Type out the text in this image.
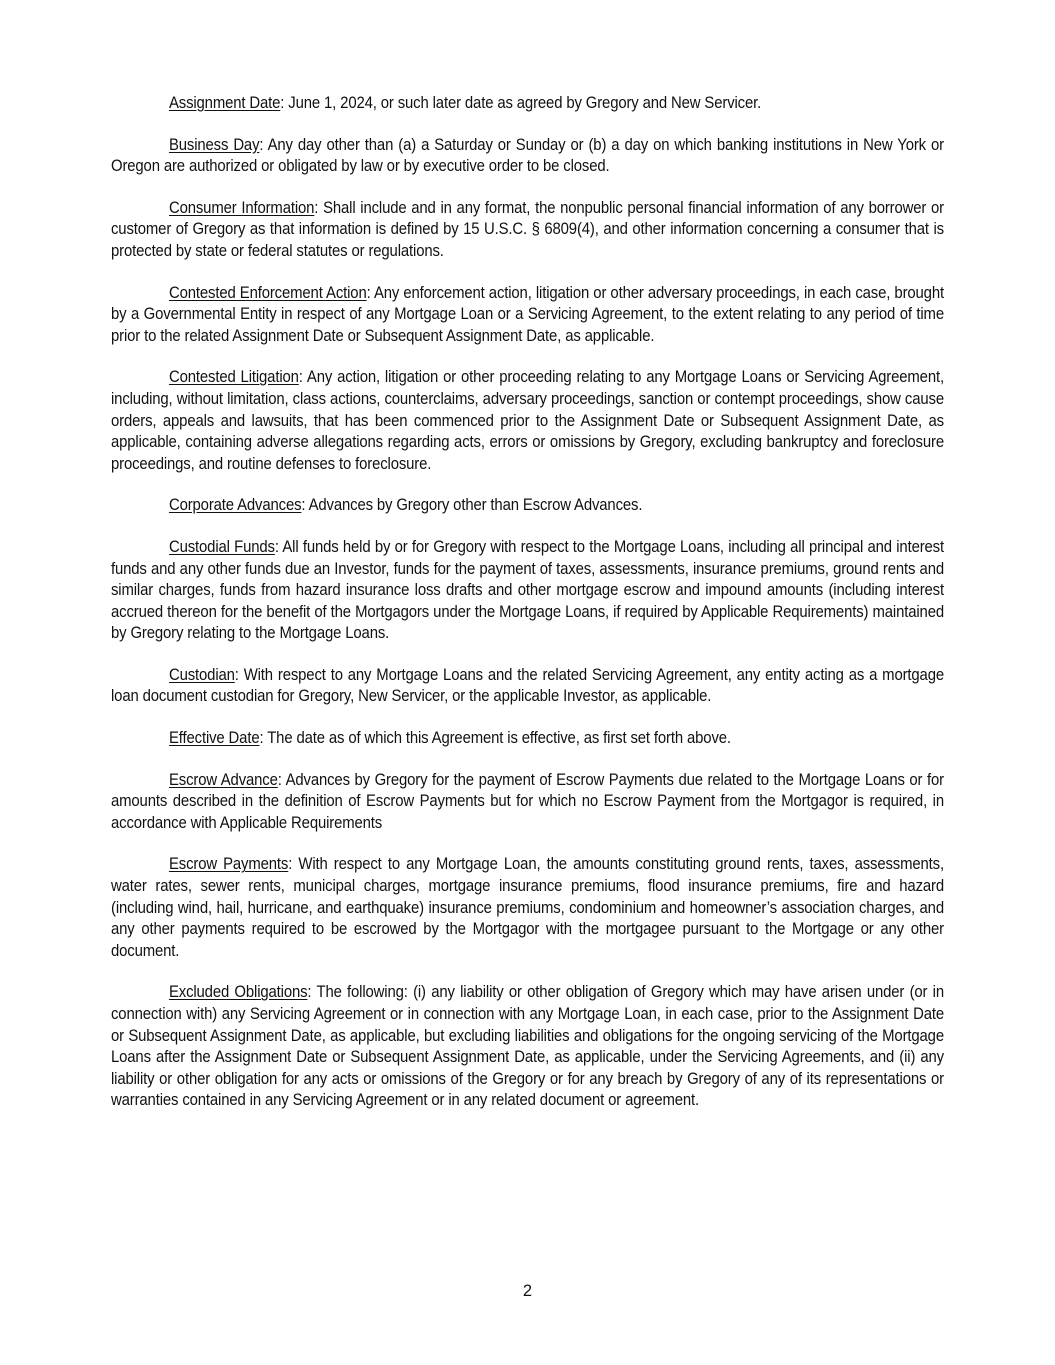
Assignment Date: June 1, 2024, or such later date as agreed by Gregory and New Servicer.

Business Day: Any day other than (a) a Saturday or Sunday or (b) a day on which banking institutions in New York or Oregon are authorized or obligated by law or by executive order to be closed.

Consumer Information: Shall include and in any format, the nonpublic personal financial information of any borrower or customer of Gregory as that information is defined by 15 U.S.C. § 6809(4), and other information concerning a consumer that is protected by state or federal statutes or regulations.

Contested Enforcement Action: Any enforcement action, litigation or other adversary proceedings, in each case, brought by a Governmental Entity in respect of any Mortgage Loan or a Servicing Agreement, to the extent relating to any period of time prior to the related Assignment Date or Subsequent Assignment Date, as applicable.

Contested Litigation: Any action, litigation or other proceeding relating to any Mortgage Loans or Servicing Agreement, including, without limitation, class actions, counterclaims, adversary proceedings, sanction or contempt proceedings, show cause orders, appeals and lawsuits, that has been commenced prior to the Assignment Date or Subsequent Assignment Date, as applicable, containing adverse allegations regarding acts, errors or omissions by Gregory, excluding bankruptcy and foreclosure proceedings, and routine defenses to foreclosure.

Corporate Advances: Advances by Gregory other than Escrow Advances.

Custodial Funds: All funds held by or for Gregory with respect to the Mortgage Loans, including all principal and interest funds and any other funds due an Investor, funds for the payment of taxes, assessments, insurance premiums, ground rents and similar charges, funds from hazard insurance loss drafts and other mortgage escrow and impound amounts (including interest accrued thereon for the benefit of the Mortgagors under the Mortgage Loans, if required by Applicable Requirements) maintained by Gregory relating to the Mortgage Loans.

Custodian: With respect to any Mortgage Loans and the related Servicing Agreement, any entity acting as a mortgage loan document custodian for Gregory, New Servicer, or the applicable Investor, as applicable.

Effective Date: The date as of which this Agreement is effective, as first set forth above.

Escrow Advance: Advances by Gregory for the payment of Escrow Payments due related to the Mortgage Loans or for amounts described in the definition of Escrow Payments but for which no Escrow Payment from the Mortgagor is required, in accordance with Applicable Requirements

Escrow Payments: With respect to any Mortgage Loan, the amounts constituting ground rents, taxes, assessments, water rates, sewer rents, municipal charges, mortgage insurance premiums, flood insurance premiums, fire and hazard (including wind, hail, hurricane, and earthquake) insurance premiums, condominium and homeowner’s association charges, and any other payments required to be escrowed by the Mortgagor with the mortgagee pursuant to the Mortgage or any other document.

Excluded Obligations: The following: (i) any liability or other obligation of Gregory which may have arisen under (or in connection with) any Servicing Agreement or in connection with any Mortgage Loan, in each case, prior to the Assignment Date or Subsequent Assignment Date, as applicable, but excluding liabilities and obligations for the ongoing servicing of the Mortgage Loans after the Assignment Date or Subsequent Assignment Date, as applicable, under the Servicing Agreements, and (ii) any liability or other obligation for any acts or omissions of the Gregory or for any breach by Gregory of any of its representations or warranties contained in any Servicing Agreement or in any related document or agreement.

2
